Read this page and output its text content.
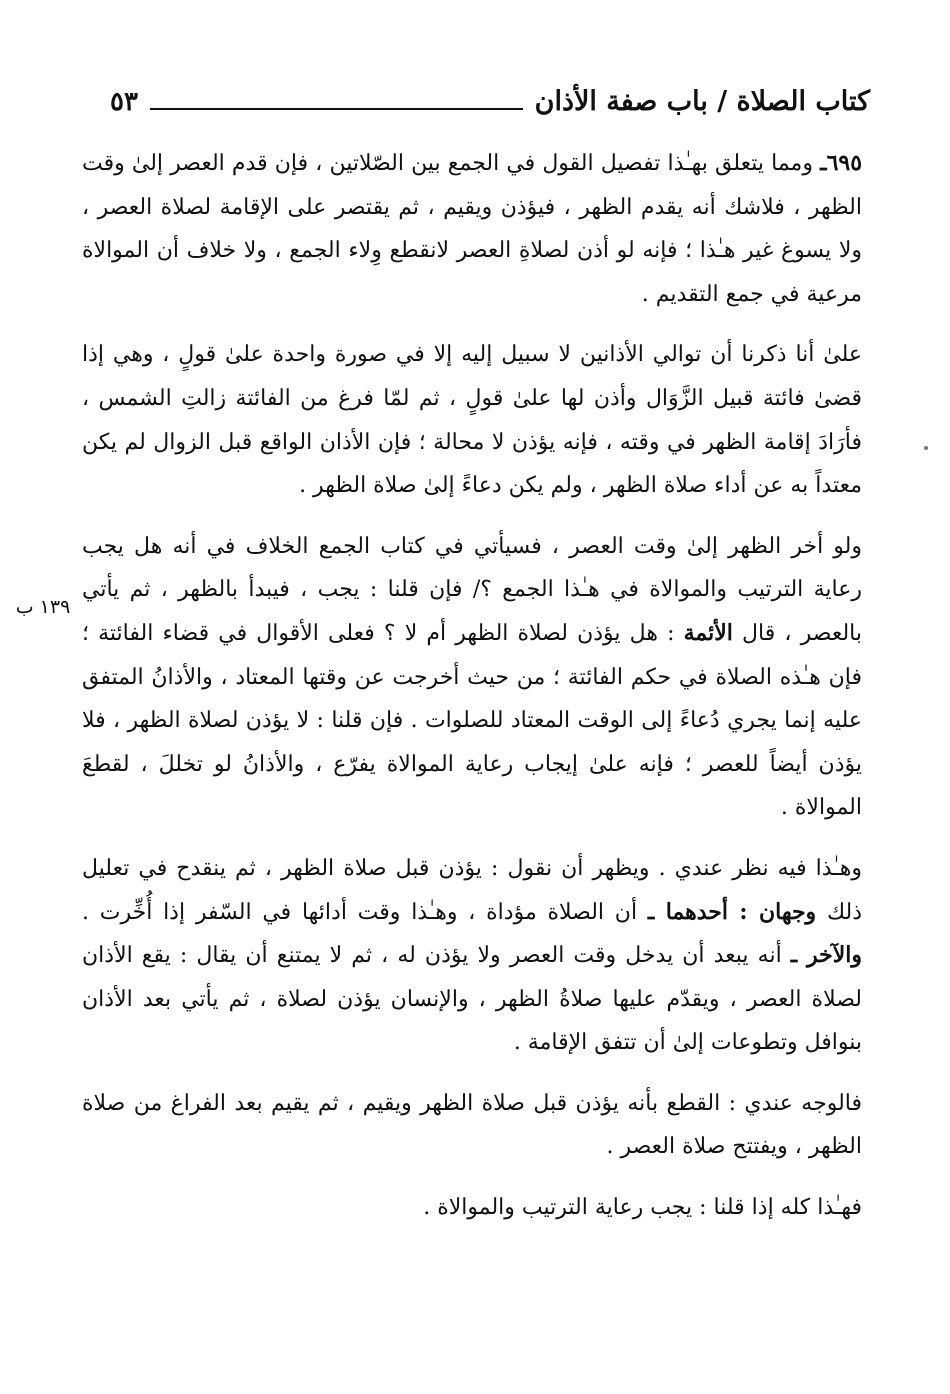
كتاب الصلاة / باب صفة الأذان
٥٣
١٣٩ ب

٦٩٥ـ ومما يتعلق بهـٰذا تفصيل القول في الجمع بين الصّلاتين ، فإن قدم العصر إلىٰ وقت الظهر ، فلاشك أنه يقدم الظهر ، فيؤذن ويقيم ، ثم يقتصر على الإقامة لصلاة العصر ، ولا يسوغ غير هـٰذا ؛ فإنه لو أذن لصلاةِ العصر لانقطع وِلاء الجمع ، ولا خلاف أن الموالاة مرعية في جمع التقديم .

علىٰ أنا ذكرنا أن توالي الأذانين لا سبيل إليه إلا في صورة واحدة علىٰ قولٍ ، وهي إذا قضىٰ فائتة قبيل الزَّوَال وأذن لها علىٰ قولٍ ، ثم لمّا فرغ من الفائتة زالتِ الشمس ، فأرَادَ إقامة الظهر في وقته ، فإنه يؤذن لا محالة ؛ فإن الأذان الواقع قبل الزوال لم يكن معتداً به عن أداء صلاة الظهر ، ولم يكن دعاءً إلىٰ صلاة الظهر .

ولو أخر الظهر إلىٰ وقت العصر ، فسيأتي في كتاب الجمع الخلاف في أنه هل يجب رعاية الترتيب والموالاة في هـٰذا الجمع ؟/ فإن قلنا : يجب ، فيبدأ بالظهر ، ثم يأتي بالعصر ، قال الأئمة : هل يؤذن لصلاة الظهر أم لا ؟ فعلى الأقوال في قضاء الفائتة ؛ فإن هـٰذه الصلاة في حكم الفائتة ؛ من حيث أخرجت عن وقتها المعتاد ، والأذانُ المتفق عليه إنما يجري دُعاءً إلى الوقت المعتاد للصلوات . فإن قلنا : لا يؤذن لصلاة الظهر ، فلا يؤذن أيضاً للعصر ؛ فإنه علىٰ إيجاب رعاية الموالاة يفرّع ، والأذانُ لو تخللَ ، لقطعَ الموالاة .

وهـٰذا فيه نظر عندي . ويظهر أن نقول : يؤذن قبل صلاة الظهر ، ثم ينقدح في تعليل ذلك وجهان : أحدهما ـ أن الصلاة مؤداة ، وهـٰذا وقت أدائها في السّفر إذا أُخِّرت . والآخر ـ أنه يبعد أن يدخل وقت العصر ولا يؤذن له ، ثم لا يمتنع أن يقال : يقع الأذان لصلاة العصر ، ويقدّم عليها صلاةُ الظهر ، والإنسان يؤذن لصلاة ، ثم يأتي بعد الأذان بنوافل وتطوعات إلىٰ أن تتفق الإقامة .

فالوجه عندي : القطع بأنه يؤذن قبل صلاة الظهر ويقيم ، ثم يقيم بعد الفراغ من صلاة الظهر ، ويفتتح صلاة العصر .

فهـٰذا كله إذا قلنا : يجب رعاية الترتيب والموالاة .
